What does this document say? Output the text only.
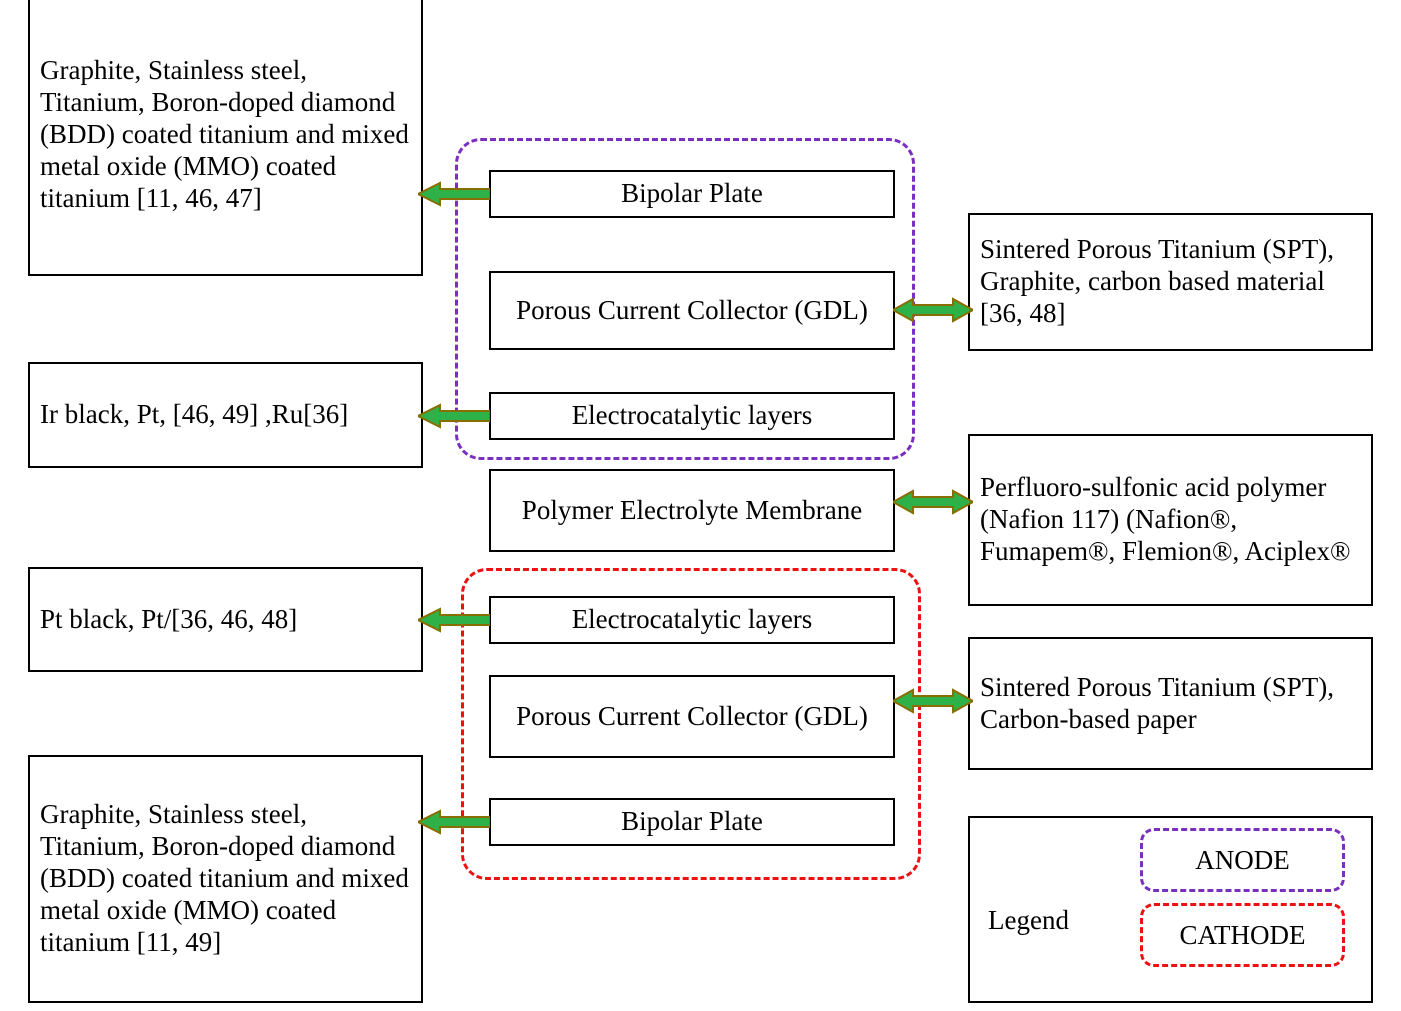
Graphite, Stainless steel, Titanium, Boron-doped diamond (BDD) coated titanium and mixed metal oxide (MMO) coated titanium [11, 46, 47]
Ir black, Pt, [46, 49] ,Ru[36]
Pt black, Pt/[36, 46, 48]
Graphite, Stainless steel, Titanium, Boron-doped diamond (BDD) coated titanium and mixed metal oxide (MMO) coated titanium [11, 49]
Sintered Porous Titanium (SPT), Graphite, carbon based material [36, 48]
Perfluoro-sulfonic acid polymer (Nafion 117) (Nafion®, Fumapem®, Flemion®, Aciplex®
Sintered Porous Titanium (SPT), Carbon-based paper
Bipolar Plate
Porous Current Collector (GDL)
Electrocatalytic layers
Polymer Electrolyte Membrane
Electrocatalytic layers
Porous Current Collector (GDL)
Bipolar Plate
Legend
ANODE
CATHODE
